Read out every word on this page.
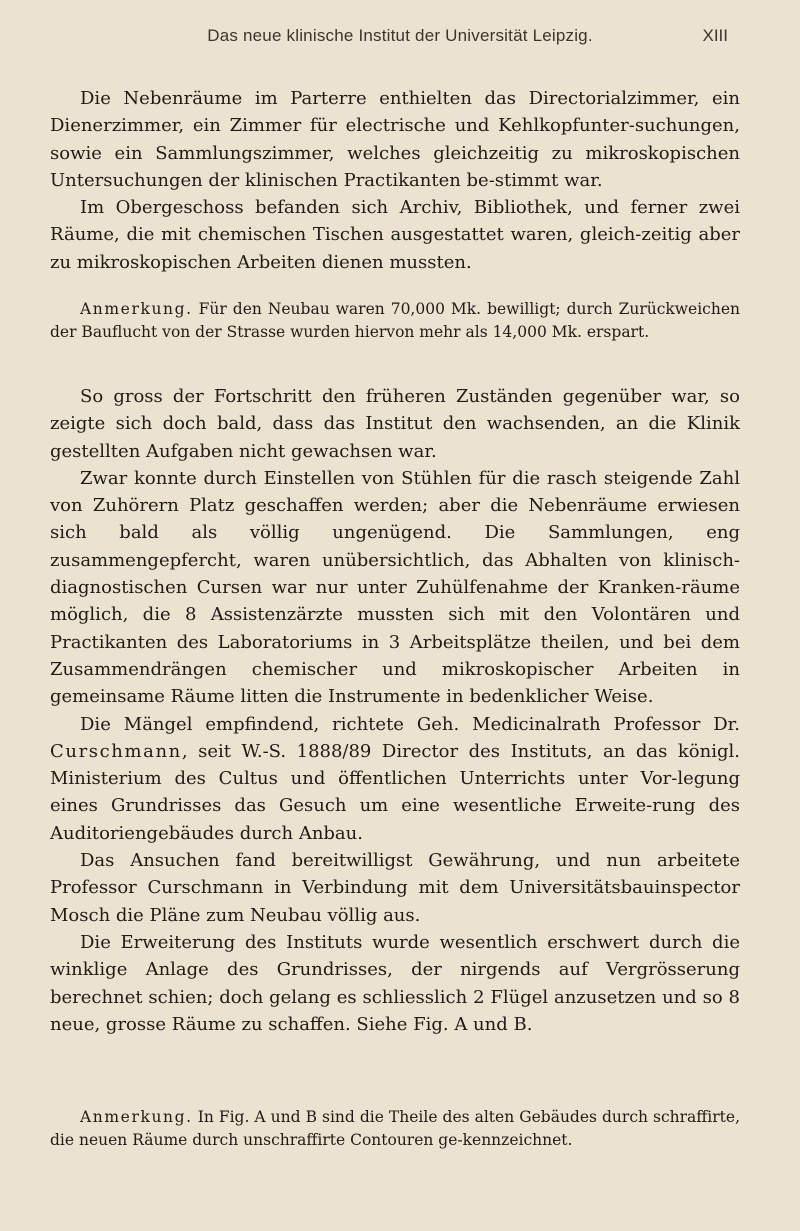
Das neue klinische Institut der Universität Leipzig.	XIII

Die Nebenräume im Parterre enthielten das Directorialzimmer, ein Dienerzimmer, ein Zimmer für electrische und Kehlkopfunter-suchungen, sowie ein Sammlungszimmer, welches gleichzeitig zu mikroskopischen Untersuchungen der klinischen Practikanten be-stimmt war.

Im Obergeschoss befanden sich Archiv, Bibliothek, und ferner zwei Räume, die mit chemischen Tischen ausgestattet waren, gleich-zeitig aber zu mikroskopischen Arbeiten dienen mussten.

Anmerkung. Für den Neubau waren 70,000 Mk. bewilligt; durch Zurückweichen der Bauflucht von der Strasse wurden hiervon mehr als 14,000 Mk. erspart.

So gross der Fortschritt den früheren Zuständen gegenüber war, so zeigte sich doch bald, dass das Institut den wachsenden, an die Klinik gestellten Aufgaben nicht gewachsen war.

Zwar konnte durch Einstellen von Stühlen für die rasch steigende Zahl von Zuhörern Platz geschaffen werden; aber die Nebenräume erwiesen sich bald als völlig ungenügend. Die Sammlungen, eng zusammengepfercht, waren unübersichtlich, das Abhalten von klinisch-diagnostischen Cursen war nur unter Zuhülfenahme der Kranken-räume möglich, die 8 Assistenzärzte mussten sich mit den Volontären und Practikanten des Laboratoriums in 3 Arbeitsplätze theilen, und bei dem Zusammendrängen chemischer und mikroskopischer Arbeiten in gemeinsame Räume litten die Instrumente in bedenklicher Weise.

Die Mängel empfindend, richtete Geh. Medicinalrath Professor Dr. Curschmann, seit W.-S. 1888/89 Director des Instituts, an das königl. Ministerium des Cultus und öffentlichen Unterrichts unter Vor-legung eines Grundrisses das Gesuch um eine wesentliche Erweite-rung des Auditoriengebäudes durch Anbau.

Das Ansuchen fand bereitwilligst Gewährung, und nun arbeitete Professor Curschmann in Verbindung mit dem Universitätsbauinspector Mosch die Pläne zum Neubau völlig aus.

Die Erweiterung des Instituts wurde wesentlich erschwert durch die winklige Anlage des Grundrisses, der nirgends auf Vergrösserung berechnet schien; doch gelang es schliesslich 2 Flügel anzusetzen und so 8 neue, grosse Räume zu schaffen. Siehe Fig. A und B.

Anmerkung. In Fig. A und B sind die Theile des alten Gebäudes durch schraffirte, die neuen Räume durch unschraffirte Contouren ge-kennzeichnet.
